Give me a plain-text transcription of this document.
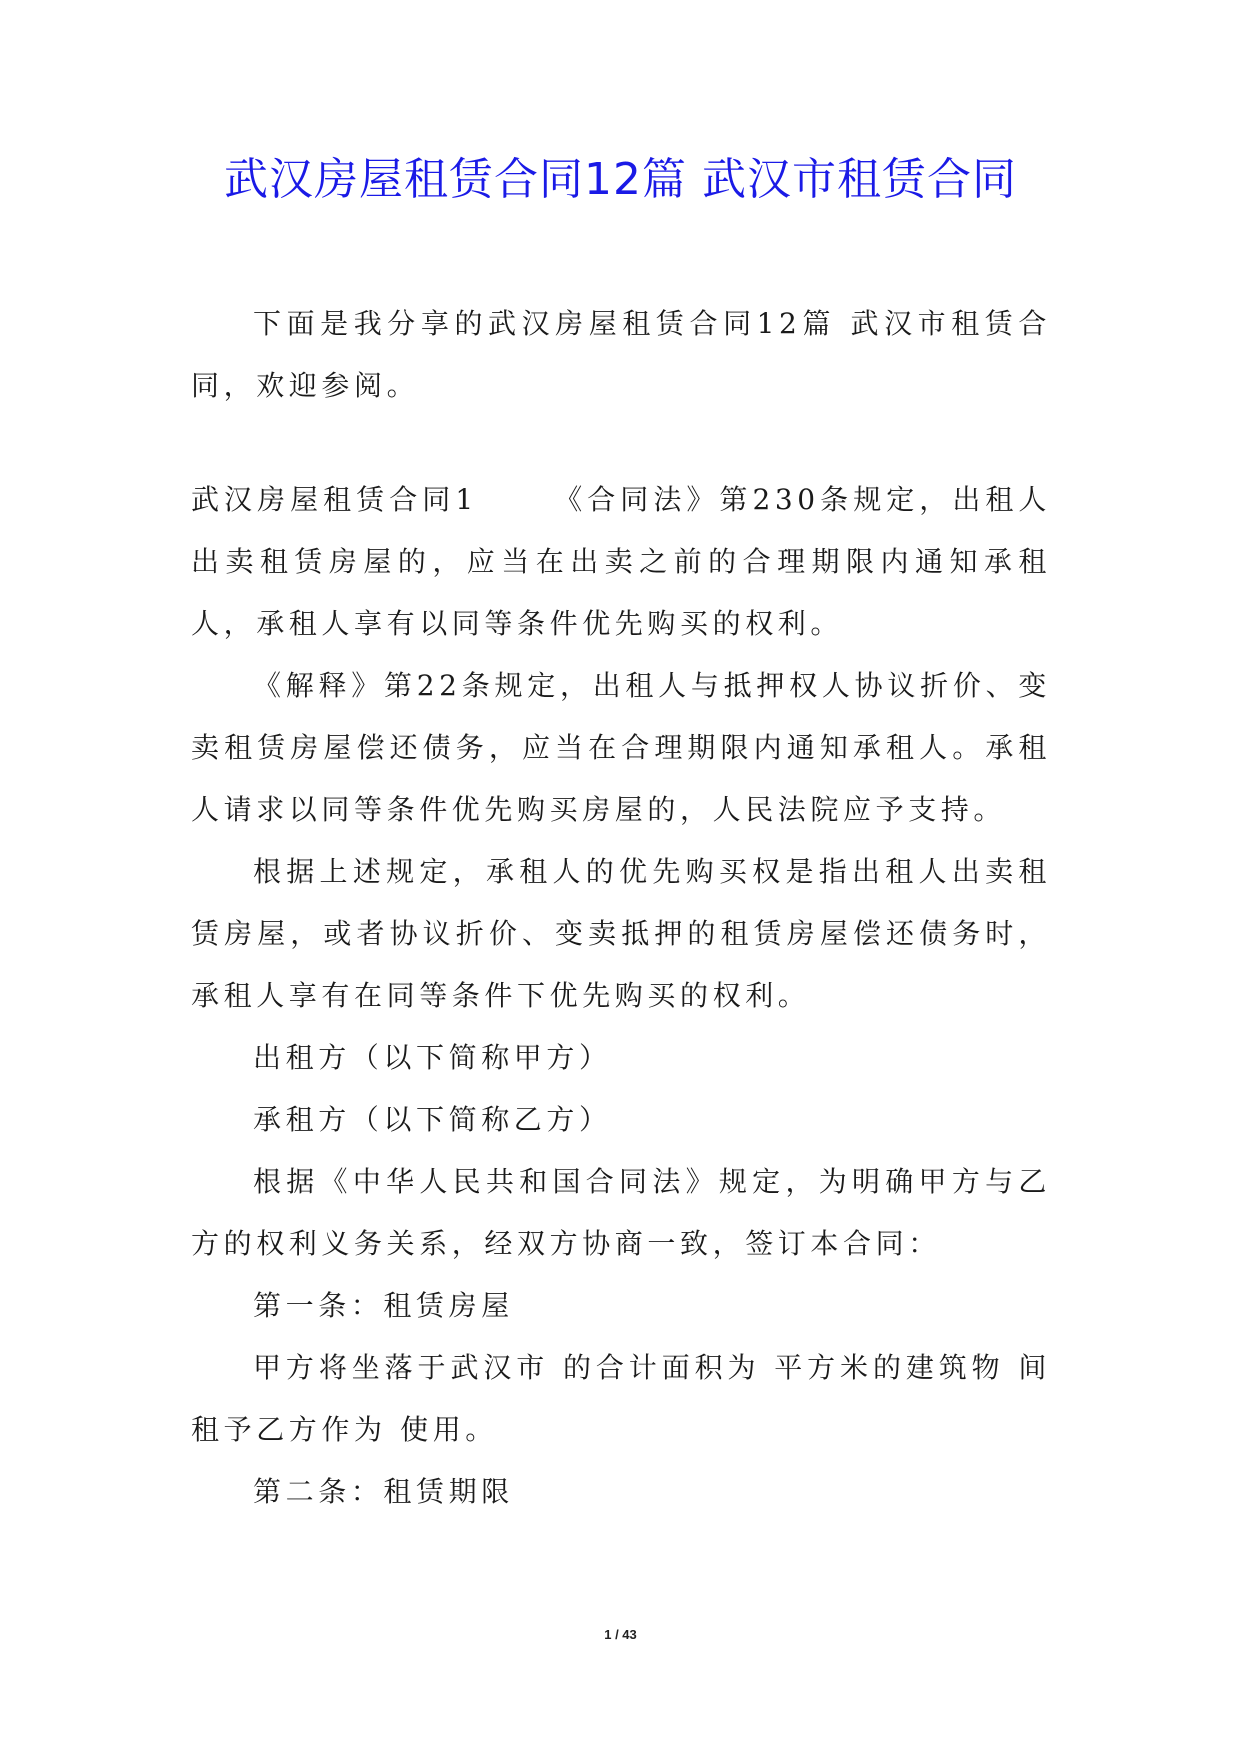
武汉房屋租赁合同12篇 武汉市租赁合同

下面是我分享的武汉房屋租赁合同12篇 武汉市租赁合同，欢迎参阅。

武汉房屋租赁合同1	《合同法》第230条规定，出租人出卖租赁房屋的，应当在出卖之前的合理期限内通知承租人，承租人享有以同等条件优先购买的权利。

《解释》第22条规定，出租人与抵押权人协议折价、变卖租赁房屋偿还债务，应当在合理期限内通知承租人。承租人请求以同等条件优先购买房屋的，人民法院应予支持。

根据上述规定，承租人的优先购买权是指出租人出卖租赁房屋，或者协议折价、变卖抵押的租赁房屋偿还债务时，承租人享有在同等条件下优先购买的权利。

出租方（以下简称甲方）

承租方（以下简称乙方）

根据《中华人民共和国合同法》规定，为明确甲方与乙方的权利义务关系，经双方协商一致，签订本合同：

第一条：租赁房屋

甲方将坐落于武汉市 的合计面积为 平方米的建筑物 间租予乙方作为 使用。

第二条：租赁期限

1 / 43
